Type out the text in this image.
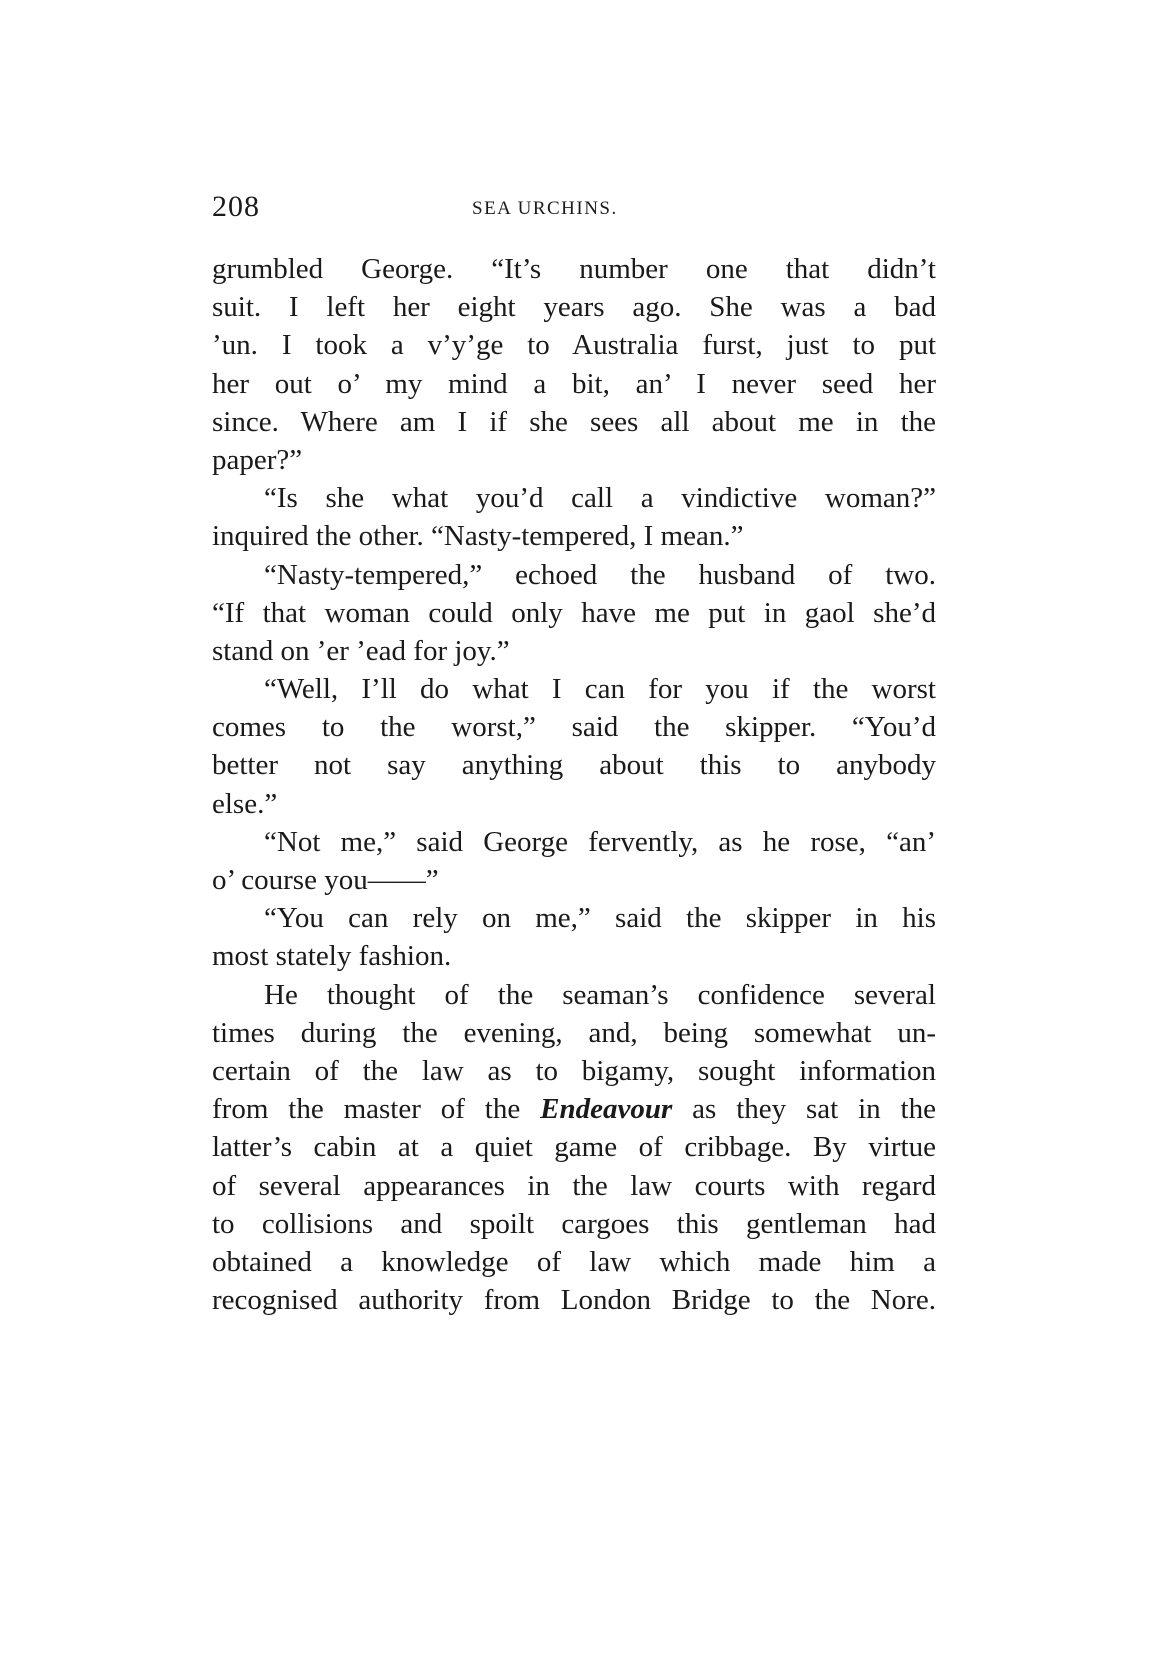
208	SEA URCHINS.
grumbled George. “It’s number one that didn’t
suit. I left her eight years ago. She was a bad
’un. I took a v’y’ge to Australia furst, just to put
her out o’ my mind a bit, an’ I never seed her
since. Where am I if she sees all about me in the
paper?”
“Is she what you’d call a vindictive woman?”
inquired the other. “Nasty-tempered, I mean.”
“Nasty-tempered,” echoed the husband of two.
“If that woman could only have me put in gaol she’d
stand on ’er ’ead for joy.”
“Well, I’ll do what I can for you if the worst
comes to the worst,” said the skipper. “You’d
better not say anything about this to anybody
else.”
“Not me,” said George fervently, as he rose, “an’
o’ course you——”
“You can rely on me,” said the skipper in his
most stately fashion.
He thought of the seaman’s confidence several
times during the evening, and, being somewhat un-
certain of the law as to bigamy, sought information
from the master of the Endeavour as they sat in the
latter’s cabin at a quiet game of cribbage. By virtue
of several appearances in the law courts with regard
to collisions and spoilt cargoes this gentleman had
obtained a knowledge of law which made him a
recognised authority from London Bridge to the Nore.
